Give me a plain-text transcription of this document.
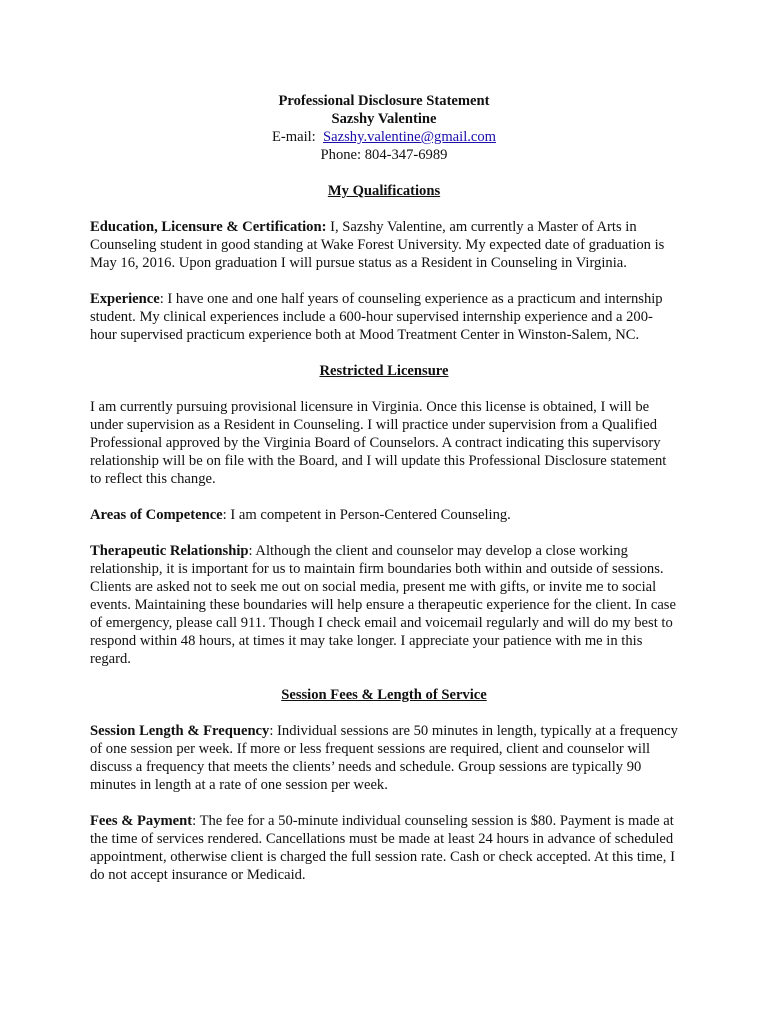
Professional Disclosure Statement
Sazshy Valentine
E-mail: Sazshy.valentine@gmail.com
Phone: 804-347-6989
My Qualifications

Education, Licensure & Certification: I, Sazshy Valentine, am currently a Master of Arts in Counseling student in good standing at Wake Forest University. My expected date of graduation is May 16, 2016. Upon graduation I will pursue status as a Resident in Counseling in Virginia.

Experience: I have one and one half years of counseling experience as a practicum and internship student. My clinical experiences include a 600-hour supervised internship experience and a 200-hour supervised practicum experience both at Mood Treatment Center in Winston-Salem, NC.

Restricted Licensure

I am currently pursuing provisional licensure in Virginia. Once this license is obtained, I will be under supervision as a Resident in Counseling. I will practice under supervision from a Qualified Professional approved by the Virginia Board of Counselors. A contract indicating this supervisory relationship will be on file with the Board, and I will update this Professional Disclosure statement to reflect this change.

Areas of Competence: I am competent in Person-Centered Counseling.

Therapeutic Relationship: Although the client and counselor may develop a close working relationship, it is important for us to maintain firm boundaries both within and outside of sessions. Clients are asked not to seek me out on social media, present me with gifts, or invite me to social events. Maintaining these boundaries will help ensure a therapeutic experience for the client. In case of emergency, please call 911. Though I check email and voicemail regularly and will do my best to respond within 48 hours, at times it may take longer. I appreciate your patience with me in this regard.

Session Fees & Length of Service

Session Length & Frequency: Individual sessions are 50 minutes in length, typically at a frequency of one session per week. If more or less frequent sessions are required, client and counselor will discuss a frequency that meets the clients’ needs and schedule. Group sessions are typically 90 minutes in length at a rate of one session per week.

Fees & Payment: The fee for a 50-minute individual counseling session is $80. Payment is made at the time of services rendered. Cancellations must be made at least 24 hours in advance of scheduled appointment, otherwise client is charged the full session rate. Cash or check accepted. At this time, I do not accept insurance or Medicaid.
